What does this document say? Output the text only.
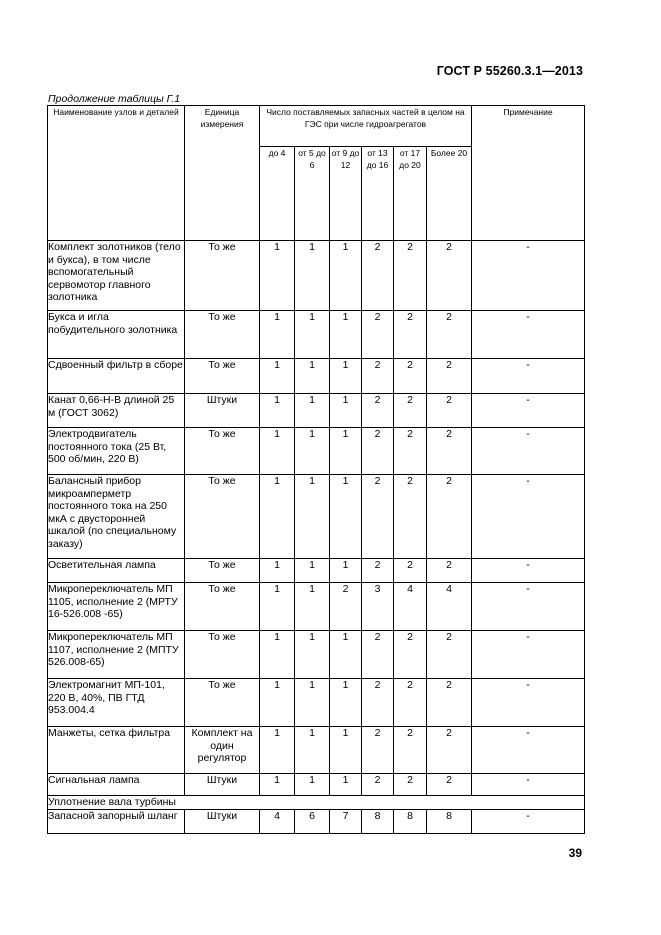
ГОСТ Р 55260.3.1—2013
Продолжение таблицы Г.1
Наименование узлов и деталей	Единица измерения	Число поставляемых запасных частей в целом на ГЭС при числе гидроагрегатов						Примечание
		до 4	от 5 до 6	от 9 до 12	от 13 до 16	от 17 до 20	Более 20	
Комплект золотников (тело и букса), в том числе вспомогательный сервомотор главного золотника	То же	1	1	1	2	2	2	-
Букса и игла побудительного золотника	То же	1	1	1	2	2	2	-
Сдвоенный фильтр в сборе	То же	1	1	1	2	2	2	-
Канат 0,66-Н-В длиной 25 м (ГОСТ 3062)	Штуки	1	1	1	2	2	2	-
Электродвигатель постоянного тока (25 Вт, 500 об/мин, 220 В)	То же	1	1	1	2	2	2	-
Балансный прибор микроамперметр постоянного тока на 250 мкА с двусторонней шкалой (по специальному заказу)	То же	1	1	1	2	2	2	-
Осветительная лампа	То же	1	1	1	2	2	2	-
Микропереключатель МП 1105, исполнение 2 (МРТУ 16-526.008 -65)	То же	1	1	2	3	4	4	-
Микропереключатель МП 1107, исполнение 2 (МПТУ 526.008-65)	То же	1	1	1	2	2	2	-
Электромагнит МП-101, 220 В, 40%, ПВ ГТД 953.004.4	То же	1	1	1	2	2	2	-
Манжеты, сетка фильтра	Комплект на один регулятор	1	1	1	2	2	2	-
Сигнальная лампа	Штуки	1	1	1	2	2	2	-
Уплотнение вала турбины								
Запасной запорный шланг	Штуки	4	6	7	8	8	8	-
39
